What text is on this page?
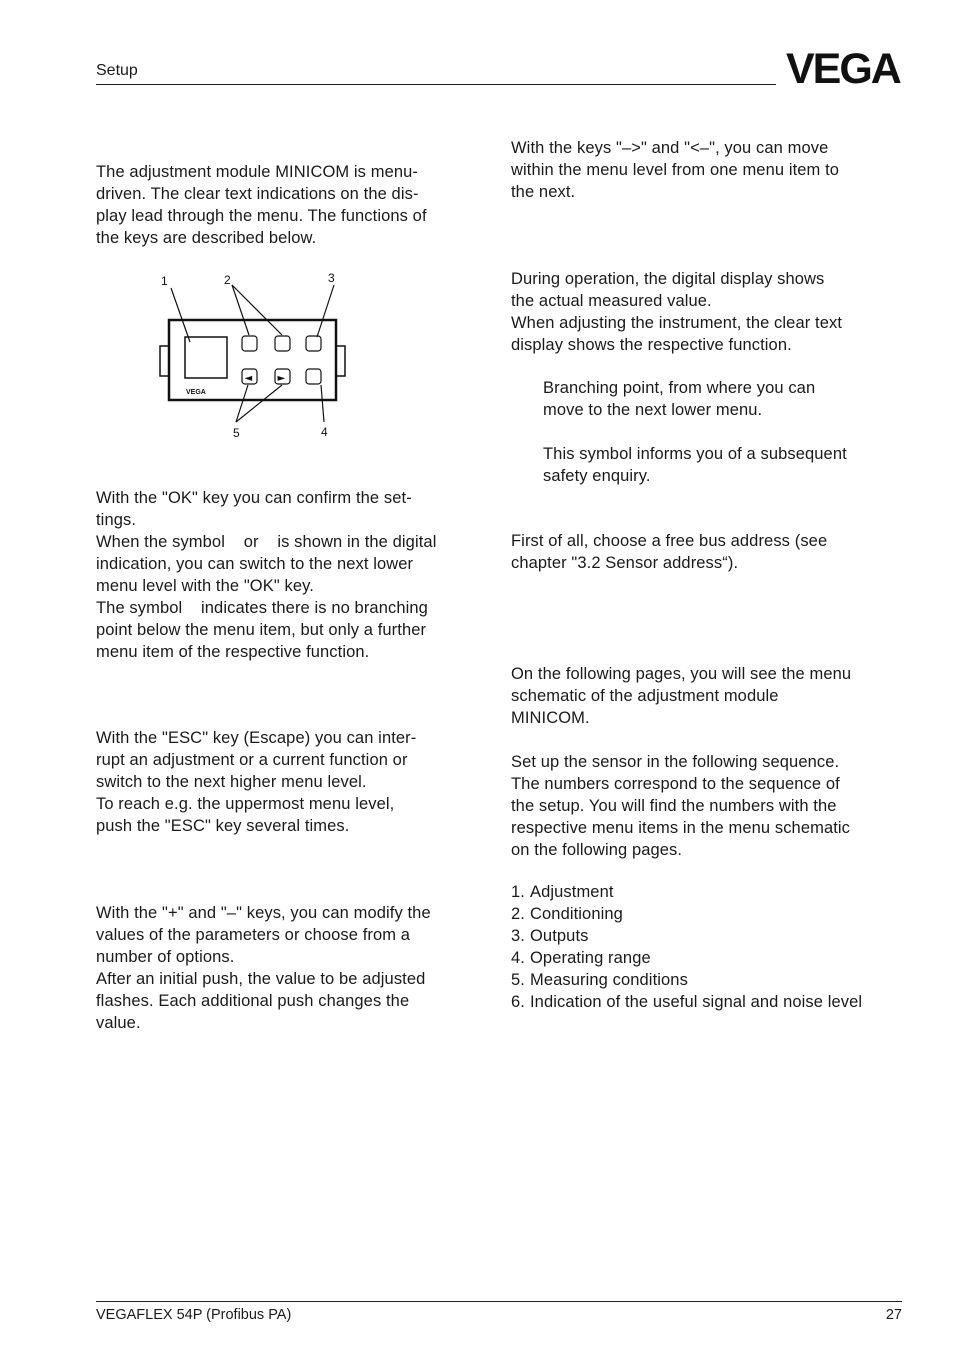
Setup	VEGA

The adjustment module MINICOM is menu-

driven. The clear text indications on the dis-

play lead through the menu. The functions of

the keys are described below.

◄	►
VEGA
1	2	3
4
5

With the "OK" key you can confirm the set-

tings.

When the symbol    or    is shown in the digital

indication, you can switch to the next lower

menu level with the "OK" key.

The symbol    indicates there is no branching

point below the menu item, but only a further

menu item of the respective function.

With the "ESC" key (Escape) you can inter-

rupt an adjustment or a current function or

switch to the next higher menu level.

To reach e.g. the uppermost menu level,

push the "ESC" key several times.

With the "+" and "–" keys, you can modify the

values of the parameters or choose from a

number of options.

After an initial push, the value to be adjusted

flashes. Each additional push changes the

value.

With the keys "–>" and "<–", you can move

within the menu level from one menu item to

the next.

During operation, the digital display shows

the actual measured value.

When adjusting the instrument, the clear text

display shows the respective function.

Branching point, from where you can

move to the next lower menu.

This symbol informs you of a subsequent

safety enquiry.

First of all, choose a free bus address (see

chapter "3.2 Sensor address“).

On the following pages, you will see the menu

schematic of the adjustment module

MINICOM.

Set up the sensor in the following sequence.

The numbers correspond to the sequence of

the setup. You will find the numbers with the

respective menu items in the menu schematic

on the following pages.

1. Adjustment
2. Conditioning
3. Outputs
4. Operating range
5. Measuring conditions
6. Indication of the useful signal and noise level
VEGAFLEX 54P (Profibus PA)	27
